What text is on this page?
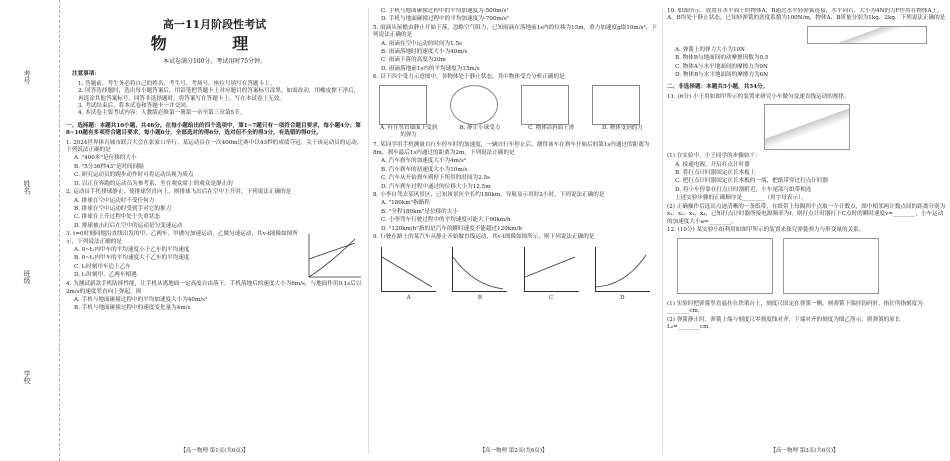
考号
姓名
班级
学校
高一11月阶段性考试
物 理
本试卷满分100分，考试用时75分钟。
注意事项：

1. 答题前，考生务必将自己的姓名、考生号、考场号、座位号填写在答题卡上。

2. 回答选择题时，选出每小题答案后，用铅笔把答题卡上对应题目的答案标号涂黑。如需改动，用橡皮擦干净后，再选涂其他答案标号。回答非选择题时，将答案写在答题卡上。写在本试卷上无效。

3. 考试结束后，将本试卷和答题卡一并交回。

4. 本试卷主要考试内容：人教版必修第一册第一章至第三章第5节。

一、选择题：本题共10小题，共46分。在每小题给出的四个选项中，第1~7题只有一项符合题目要求，每小题4分；第8~10题有多项符合题目要求，每小题6分，全部选对的得6分，选对但不全的得3分，有选错的得0分。
1. 2024世界体育城市联合大会在张家口举行。某运动员在一次400m比赛中以43秒的成绩夺冠，关于该运动员的运动，下列说法正确的是
A. "400米"是位移的大小
B. "5分36秒43"是时间间隔
C. 研究运动员的跑步动作时可将运动员视为质点
D. 以正在奔跑的运动员为参考系，坐在观众席上的观众是静止的
2. 运动员手托排球静止，使排球竖直向上，则排球飞出后在空中上升时，下列说法正确的是
A. 排球在空中运动时不受任何力
B. 排球在空中运动时受到手对它的推力
C. 排球在上升过程中处于失重状态
D. 排球被击打后在空中的运动是匀变速运动
3. t=0时刻同地沿直线出发的甲、乙两车，甲做匀加速运动，乙做匀速运动，其v-t图像如图所示，下列说法正确的是
A. 0~t₁内甲车的平均速度小于乙车的平均速度
B. 0~t₁内甲车的平均速度大于乙车的平均速度
C. t₁时刻甲车追上乙车
D. t₁时刻甲、乙两车相遇
4. 为测试新款手机防摔性能，让手机从离地面一定高度自由落下，手机落地后的速度大小为6m/s，与地面作用0.1s后以2m/s的速度竖直向上弹起，则
A. 手机与地面碰撞过程中的平均加速度大小为40m/s²
B. 手机与地面碰撞过程中的速度变化量为4m/s
【高一物理 第1页(共6页)】
C. 手机与地面碰撞过程中的平均加速度为-500m/s²
D. 手机与地面碰撞过程中的平均加速度为-700m/s²
5. 雨滴从屋檐由静止开始下落，忽略空气阻力，已知雨滴在落地前1s内的位移为15m，重力加速度g取10m/s²，下列说法正确的是
A. 雨滴在空中运动的时间为1.5s
B. 雨滴落地时的速度大小为40m/s
C. 雨滴下落的高度为20m
D. 雨滴落地前1s内的平均速度为15m/s
6. 以下四个受力示意图中，各物体处于静止状态，其中物体受力分析正确的是
A. 杆在竖直墙面上受到的弹力
B. 静止小球受力	C. 物体沿斜面上滑	D. 物体受到的力
7. 某同学用手机测量自行车停车时的加速度，一辆自行车停止后，测得该车在刹车开始后的第1s内通过的距离为8m，刹车最后1s内通过的距离为2m，下列说法正确的是
A. 汽车刹车的加速度大小为4m/s²
B. 汽车刹车的初速度大小为10m/s
C. 汽车从开始刹车到停下所用的时间为2.5s
D. 汽车刹车过程中通过的位移大小为12.5m
8. 小李自驾去某风景区，已知该景区全长约180km，导航显示用时2小时，下列说法正确的是
A. "180km"指路程
B. "全程180km"是位移的大小
C. 小李驾车行驶过程中的平均速度可能大于90km/h
D. "120km/h"指的是汽车的瞬时速度不能超过120km/h
9. 行驶在路上的某汽车从静止开始做直线运动，其v-t图像如图所示，则下列说法正确的是
A	B	C	D
【高一物理 第2页(共6页)】
10. 如图所示，放置在水平面上的物体A，B通过水平轻弹簧连接，水平向右、大小为4N的力F作用在物体A上，A、B均处于静止状态，已知轻弹簧的劲度系数为100N/m，物体A、B质量分别为1kg、2kg，下列说法正确的是
A. 弹簧上的弹力大小为10N
B. 物体B与地面间的动摩擦因数为0.5
C. 物体A与水平地面间的摩擦力为9N
D. 物体B与水平地面间的摩擦力为6N
二、非选择题：本题共5小题，共54分。
11. (6分) 小王用如图甲所示的装置来研究小车做匀变速直线运动的规律。
(1) 在实验中，小王同学的步骤如下：
A. 接通电源，开启打点计时器
B. 将打点计时器固定在长木板上
C. 把打点计时器固定在长木板的一端，把纸带穿过打点计时器
D. 将小车停靠在打点计时器附近，小车尾部与纸带相连
上述实验步骤的正确顺序是________（用字母表示）。
(2) 正确操作后选出点迹清晰的一条纸带，在纸带上每隔四个点取一个计数点，图中相邻两计数点间的距离分别为x₁、x₂、x₃、x₄，已知打点计时器所接电源频率为f，则打点计时器打下C点时的瞬时速度v=________，小车运动的加速度大小a=________。
12. (10分) 某实验小组利用如图甲所示的装置来探究弹簧弹力与形变量的关系。
(1) 实验时把弹簧竖直悬挂在铁架台上，刻度尺固定在弹簧一侧，则弹簧下端挂钩码时，指针所指刻度为________cm。
(2) 弹簧静止时，弹簧上端与刻度尺零刻度线对齐，下端对齐的刻度为图乙所示，则弹簧的原长L₀=________cm。
【高一物理 第3页(共6页)】
